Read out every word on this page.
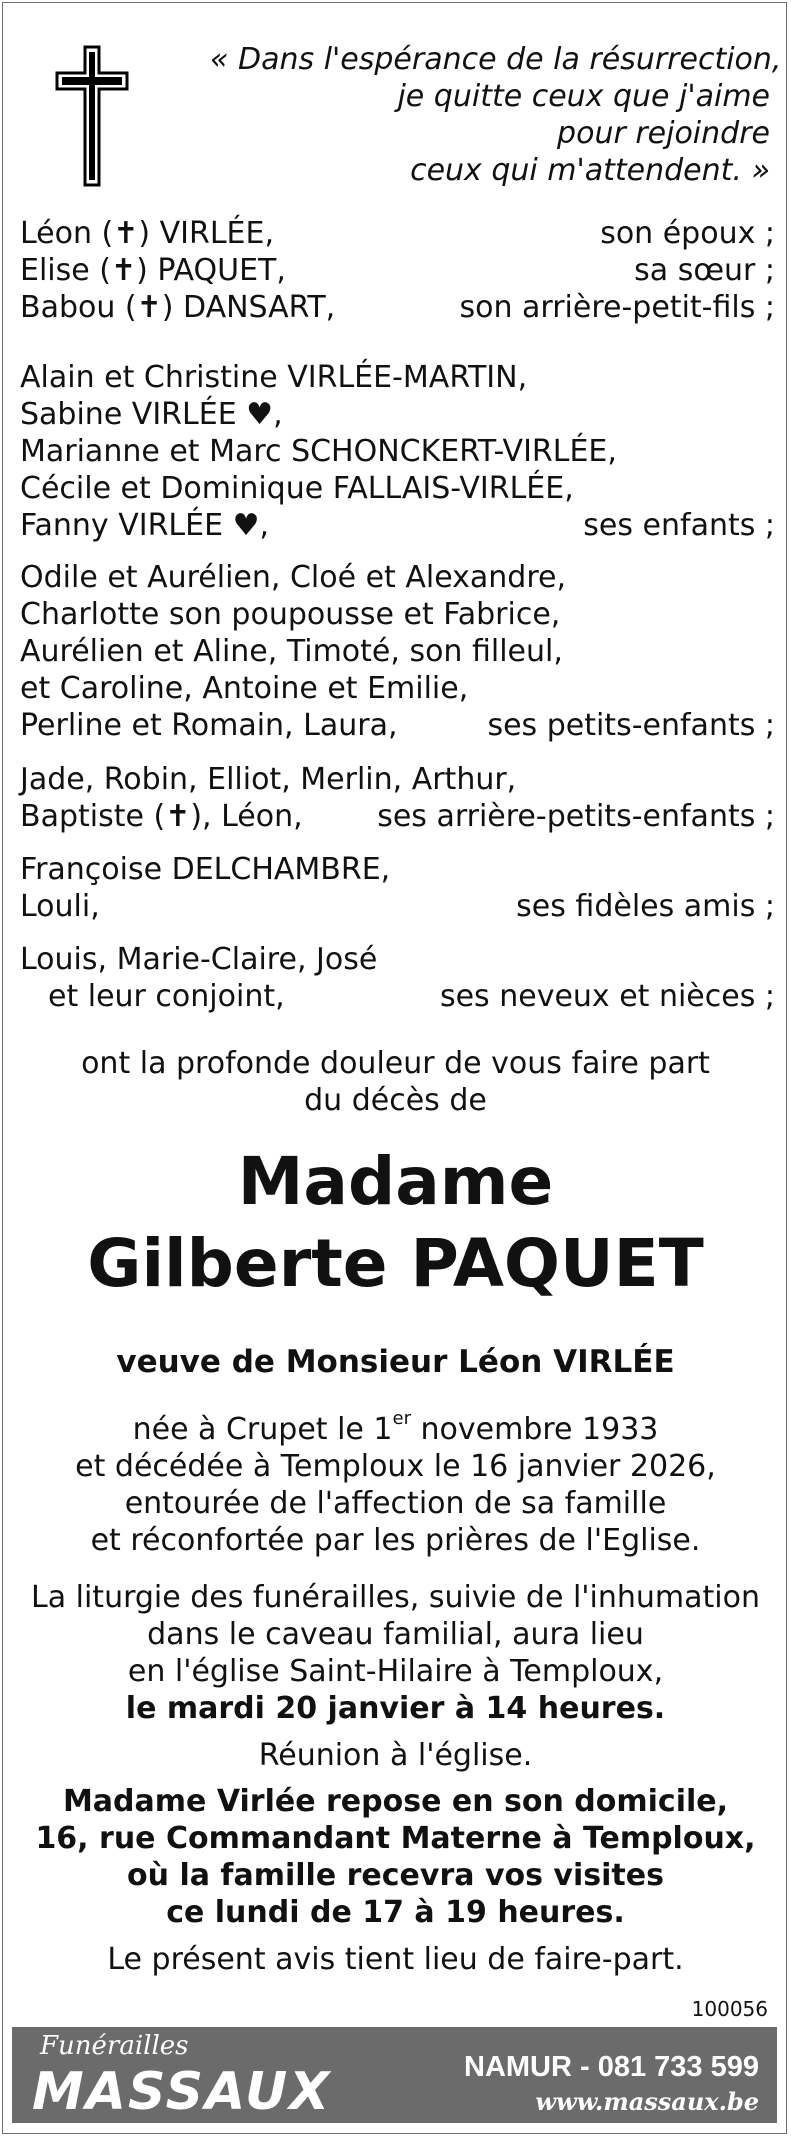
« Dans l'espérance de la résurrection,
je quitte ceux que j'aime
pour rejoindre
ceux qui m'attendent. »
Léon (✝) VIRLÉE,	son époux ;
Elise (✝) PAQUET,	sa sœur ;
Babou (✝) DANSART,	son arrière-petit-fils ;
Alain et Christine VIRLÉE-MARTIN,
Sabine VIRLÉE ♥,
Marianne et Marc SCHONCKERT-VIRLÉE,
Cécile et Dominique FALLAIS-VIRLÉE,
Fanny VIRLÉE ♥,	ses enfants ;
Odile et Aurélien, Cloé et Alexandre,
Charlotte son poupousse et Fabrice,
Aurélien et Aline, Timoté, son filleul,
et Caroline, Antoine et Emilie,
Perline et Romain, Laura,	ses petits-enfants ;
Jade, Robin, Elliot, Merlin, Arthur,
Baptiste (✝), Léon, ses arrière-petits-enfants ;
Françoise DELCHAMBRE,
Louli,	ses fidèles amis ;
Louis, Marie-Claire, José
et leur conjoint,	ses neveux et nièces ;
ont la profonde douleur de vous faire part
du décès de
Madame
Gilberte PAQUET
veuve de Monsieur Léon VIRLÉE
née à Crupet le 1er novembre 1933
et décédée à Temploux le 16 janvier 2026,
entourée de l'affection de sa famille
et réconfortée par les prières de l'Eglise.
La liturgie des funérailles, suivie de l'inhumation
dans le caveau familial, aura lieu
en l'église Saint-Hilaire à Temploux,
le mardi 20 janvier à 14 heures.
Réunion à l'église.
Madame Virlée repose en son domicile,
16, rue Commandant Materne à Temploux,
où la famille recevra vos visites
ce lundi de 17 à 19 heures.
Le présent avis tient lieu de faire-part.
100056
Funérailles
MASSAUX	NAMUR - 081 733 599
www.massaux.be
